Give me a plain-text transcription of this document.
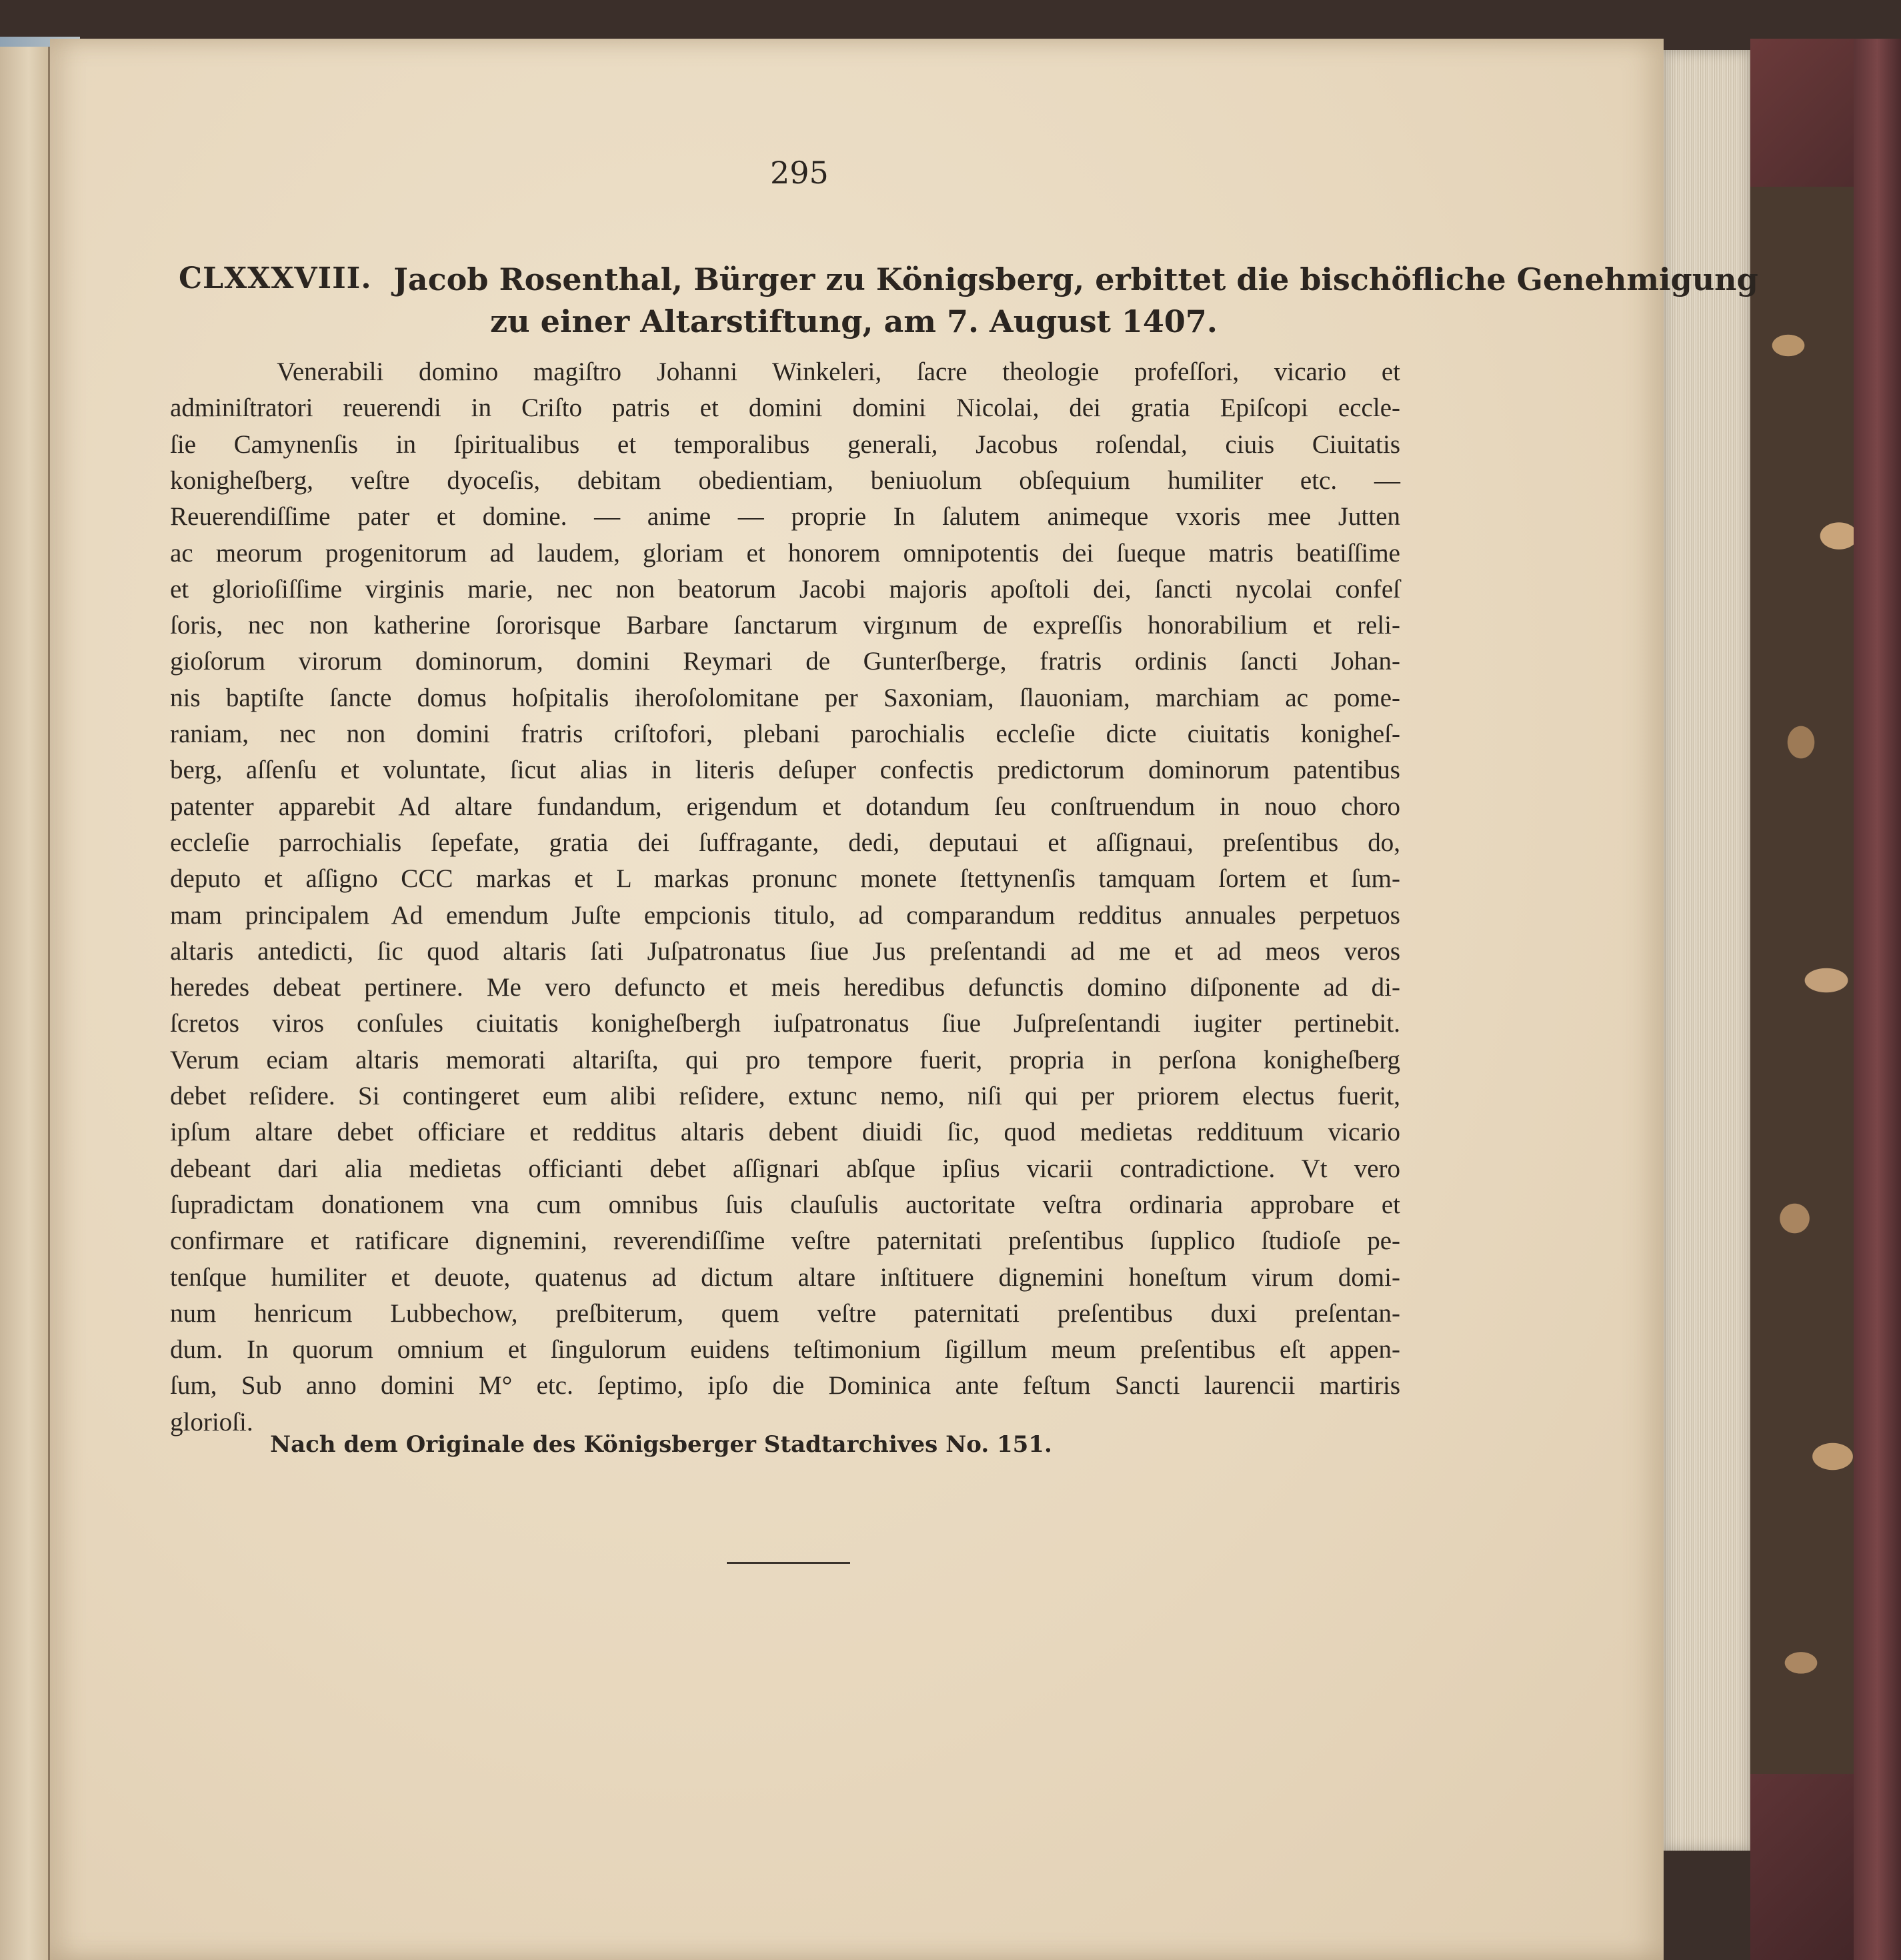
295
CLXXXVIII. Jacob Rosenthal, Bürger zu Königsberg, erbittet die bischöfliche Genehmigung
zu einer Altarstiftung, am 7. August 1407.
Venerabili domino magiſtro Johanni Winkeleri, ſacre theologie profeſſori, vicario et
adminiſtratori reuerendi in Criſto patris et domini domini Nicolai, dei gratia Epiſcopi eccle-
ſie Camynenſis in ſpiritualibus et temporalibus generali, Jacobus roſendal, ciuis Ciuitatis
konigheſberg, veſtre dyoceſis, debitam obedientiam, beniuolum obſequium humiliter etc. —
Reuerendiſſime pater et domine. — anime — proprie In ſalutem animeque vxoris mee Jutten
ac meorum progenitorum ad laudem, gloriam et honorem omnipotentis dei ſueque matris beatiſſime
et glorioſiſſime virginis marie, nec non beatorum Jacobi majoris apoſtoli dei, ſancti nycolai confeſ
ſoris, nec non katherine ſororisque Barbare ſanctarum virgınum de expreſſis honorabilium et reli-
gioſorum virorum dominorum, domini Reymari de Gunterſberge, fratris ordinis ſancti Johan-
nis baptiſte ſancte domus hoſpitalis iheroſolomitane per Saxoniam, ſlauoniam, marchiam ac pome-
raniam, nec non domini fratris criſtofori, plebani parochialis eccleſie dicte ciuitatis konigheſ-
berg, aſſenſu et voluntate, ſicut alias in literis deſuper confectis predictorum dominorum patentibus
patenter apparebit Ad altare fundandum, erigendum et dotandum ſeu conſtruendum in nouo choro
eccleſie parrochialis ſepefate, gratia dei ſuffragante, dedi, deputaui et aſſignaui, preſentibus do,
deputo et aſſigno CCC markas et L markas pronunc monete ſtettynenſis tamquam ſortem et ſum-
mam principalem Ad emendum Juſte empcionis titulo, ad comparandum redditus annuales perpetuos
altaris antedicti, ſic quod altaris ſati Juſpatronatus ſiue Jus preſentandi ad me et ad meos veros
heredes debeat pertinere. Me vero defuncto et meis heredibus defunctis domino diſponente ad di-
ſcretos viros conſules ciuitatis konigheſbergh iuſpatronatus ſiue Juſpreſentandi iugiter pertinebit.
Verum eciam altaris memorati altariſta, qui pro tempore fuerit, propria in perſona konigheſberg
debet reſidere. Si contingeret eum alibi reſidere, extunc nemo, niſi qui per priorem electus fuerit,
ipſum altare debet officiare et redditus altaris debent diuidi ſic, quod medietas reddituum vicario
debeant dari alia medietas officianti debet aſſignari abſque ipſius vicarii contradictione. Vt vero
ſupradictam donationem vna cum omnibus ſuis clauſulis auctoritate veſtra ordinaria approbare et
confirmare et ratificare dignemini, reverendiſſime veſtre paternitati preſentibus ſupplico ſtudioſe pe-
tenſque humiliter et deuote, quatenus ad dictum altare inſtituere dignemini honeſtum virum domi-
num henricum Lubbechow, preſbiterum, quem veſtre paternitati preſentibus duxi preſentan-
dum. In quorum omnium et ſingulorum euidens teſtimonium ſigillum meum preſentibus eſt appen-
ſum, Sub anno domini M° etc. ſeptimo, ipſo die Dominica ante feſtum Sancti laurencii martiris
glorioſi.
Nach dem Originale des Königsberger Stadtarchives No. 151.
